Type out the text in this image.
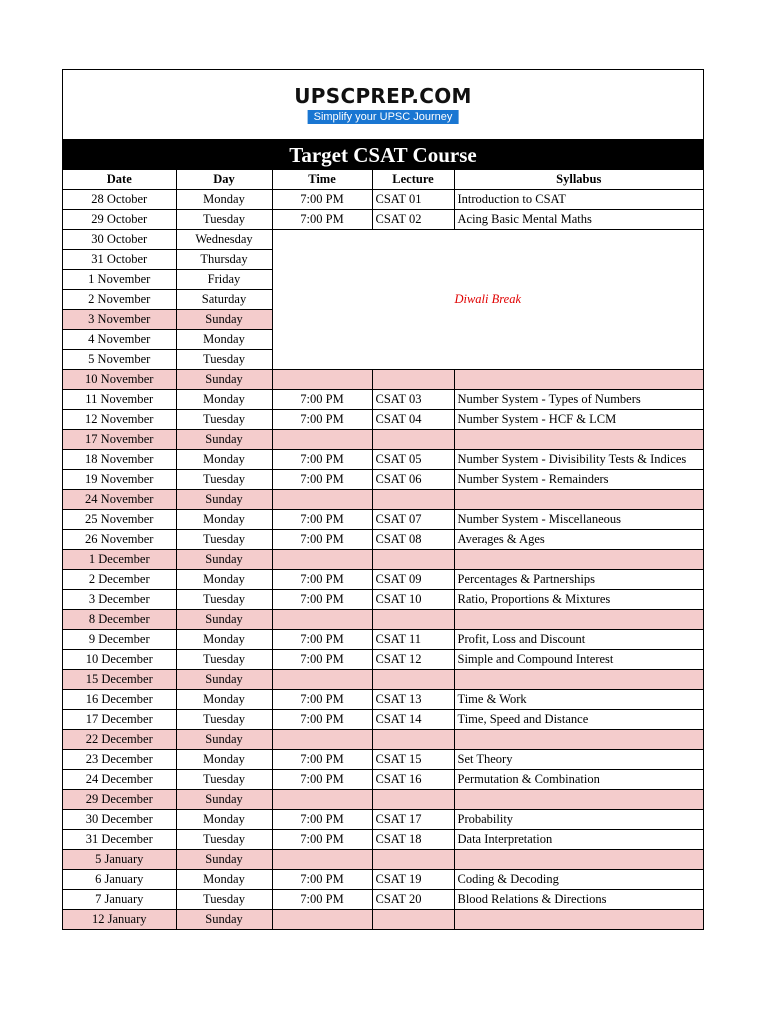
UPSCPREP.COM
Simplify your UPSC Journey
Target CSAT Course
Date	Day	Time	Lecture	Syllabus
28 October	Monday	7:00 PM	CSAT 01	Introduction to CSAT
29 October	Tuesday	7:00 PM	CSAT 02	Acing Basic Mental Maths
30 October	Wednesday	Diwali Break		
31 October	Thursday			
1 November	Friday			
2 November	Saturday			
3 November	Sunday			
4 November	Monday			
5 November	Tuesday			
10 November	Sunday			
11 November	Monday	7:00 PM	CSAT 03	Number System - Types of Numbers
12 November	Tuesday	7:00 PM	CSAT 04	Number System - HCF & LCM
17 November	Sunday			
18 November	Monday	7:00 PM	CSAT 05	Number System - Divisibility Tests & Indices
19 November	Tuesday	7:00 PM	CSAT 06	Number System - Remainders
24 November	Sunday			
25 November	Monday	7:00 PM	CSAT 07	Number System - Miscellaneous
26 November	Tuesday	7:00 PM	CSAT 08	Averages & Ages
1 December	Sunday			
2 December	Monday	7:00 PM	CSAT 09	Percentages & Partnerships
3 December	Tuesday	7:00 PM	CSAT 10	Ratio, Proportions & Mixtures
8 December	Sunday			
9 December	Monday	7:00 PM	CSAT 11	Profit, Loss and Discount
10 December	Tuesday	7:00 PM	CSAT 12	Simple and Compound Interest
15 December	Sunday			
16 December	Monday	7:00 PM	CSAT 13	Time & Work
17 December	Tuesday	7:00 PM	CSAT 14	Time, Speed and Distance
22 December	Sunday			
23 December	Monday	7:00 PM	CSAT 15	Set Theory
24 December	Tuesday	7:00 PM	CSAT 16	Permutation & Combination
29 December	Sunday			
30 December	Monday	7:00 PM	CSAT 17	Probability
31 December	Tuesday	7:00 PM	CSAT 18	Data Interpretation
5 January	Sunday			
6 January	Monday	7:00 PM	CSAT 19	Coding & Decoding
7 January	Tuesday	7:00 PM	CSAT 20	Blood Relations & Directions
12 January	Sunday			
